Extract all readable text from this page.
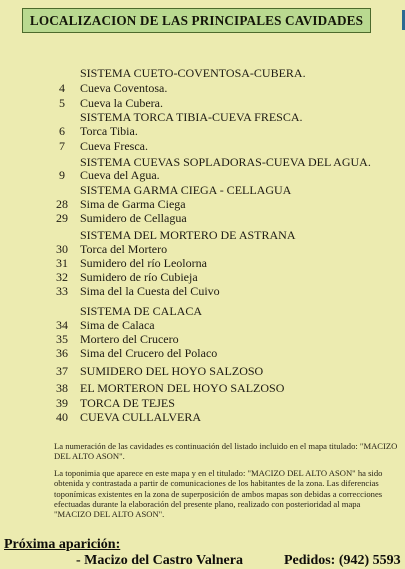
LOCALIZACION DE LAS PRINCIPALES CAVIDADES
SISTEMA CUETO-COVENTOSA-CUBERA.
4	Cueva Coventosa.
5	Cueva la Cubera.
SISTEMA TORCA TIBIA-CUEVA FRESCA.
6	Torca Tibia.
7	Cueva Fresca.
SISTEMA CUEVAS SOPLADORAS-CUEVA DEL AGUA.
9	Cueva del Agua.
SISTEMA GARMA CIEGA - CELLAGUA
28	Sima de Garma Ciega
29	Sumidero de Cellagua
SISTEMA DEL MORTERO DE ASTRANA
30	Torca del Mortero
31	Sumidero del río Leolorna
32	Sumidero de río Cubieja
33	Sima del la Cuesta del Cuivo
SISTEMA DE CALACA
34	Sima de Calaca
35	Mortero del Crucero
36	Sima del Crucero del Polaco
37	SUMIDERO DEL HOYO SALZOSO
38	EL MORTERON DEL HOYO SALZOSO
39	TORCA DE TEJES
40	CUEVA CULLALVERA

La numeración de las cavidades es continuación del listado incluido en el mapa titulado: "MACIZO DEL ALTO ASON".

La toponimia que aparece en este mapa y en el titulado: "MACIZO DEL ALTO ASON" ha sido obtenida y contrastada a partir de comunicaciones de los habitantes de la zona. Las diferencias toponímicas existentes en la zona de superposición de ambos mapas son debidas a correcciones efectuadas durante la elaboración del presente plano, realizado con posterioridad al mapa "MACIZO DEL ALTO ASON".

Próxima aparición:
- Macizo del Castro Valnera	Pedidos: (942) 5593
